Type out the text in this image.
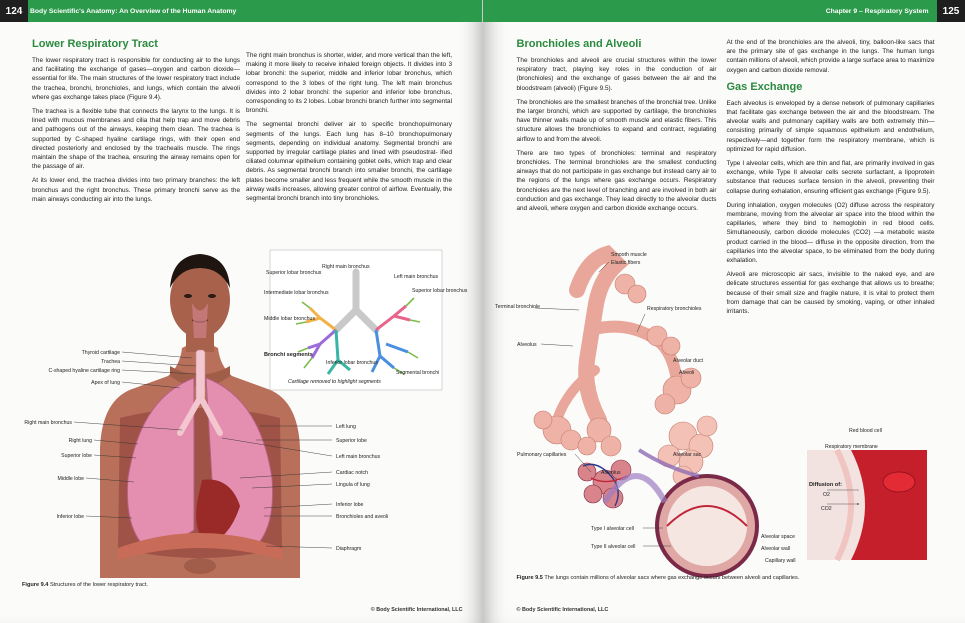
Body Scientific's Anatomy: An Overview of the Human Anatomy
124
Lower Respiratory Tract

The lower respiratory tract is responsible for conducting air to the lungs and facilitating the exchange of gases—oxygen and carbon dioxide—essential for life. The main structures of the lower respiratory tract include the trachea, bronchi, bronchioles, and lungs, which contain the alveoli where gas exchange takes place (Figure 9.4).

The trachea is a flexible tube that connects the larynx to the lungs. It is lined with mucous membranes and cilia that help trap and move debris and pathogens out of the airways, keeping them clean. The trachea is supported by C-shaped hyaline cartilage rings, with their open end directed posteriorly and enclosed by the trachealis muscle. The rings maintain the shape of the trachea, ensuring the airway remains open for the passage of air.

At its lower end, the trachea divides into two primary branches: the left bronchus and the right bronchus. These primary bronchi serve as the main airways conducting air into the lungs.

The right main bronchus is shorter, wider, and more vertical than the left, making it more likely to receive inhaled foreign objects. It divides into 3 lobar bronchi: the superior, middle and inferior lobar bronchus, which correspond to the 3 lobes of the right lung. The left main bronchus divides into 2 lobar bronchi: the superior and inferior lobe bronchus, corresponding to its 2 lobes. Lobar bronchi branch further into segmental bronchi.

The segmental bronchi deliver air to specific bronchopulmonary segments of the lungs. Each lung has 8–10 bronchopulmonary segments, depending on individual anatomy. Segmental bronchi are supported by irregular cartilage plates and lined with pseudostrat- ified ciliated columnar epithelium containing goblet cells, which trap and clear debris. As segmental bronchi branch into smaller bronchi, the cartilage plates become smaller and less frequent while the smooth muscle in the airway walls increases, allowing greater control of airflow. Eventually, the segmental bronchi branch into tiny bronchioles.

Superior lobar bronchus
Right main bronchus
Left main bronchus
Intermediate lobar bronchus
Middle lobar bronchus
Superior lobar bronchus
Bronchi segments
Inferior lobar bronchus
Segmental bronchi
Cartilage removed to highlight segments
Thyroid cartilage
Trachea
C-shaped hyaline cartilage ring
Apex of lung
Right main bronchus
Right lung
Superior lobe
Middle lobe
Inferior lobe
Left lung
Superior lobe
Left main bronchus
Cardiac notch
Lingula of lung
Inferior lobe
Bronchioles and aveoli
Diaphragm
Figure 9.4 Structures of the lower respiratory tract.
© Body Scientific International, LLC
Chapter 9 – Respiratory System	125
Bronchioles and Alveoli

The bronchioles and alveoli are crucial structures within the lower respiratory tract, playing key roles in the conduction of air (bronchioles) and the exchange of gases between the air and the bloodstream (alveoli) (Figure 9.5).

The bronchioles are the smallest branches of the bronchial tree. Unlike the larger bronchi, which are supported by cartilage, the bronchioles have thinner walls made up of smooth muscle and elastic fibers. This structure allows the bronchioles to expand and contract, regulating airflow to and from the alveoli.

There are two types of bronchioles: terminal and respiratory bronchioles. The terminal bronchioles are the smallest conducting airways that do not participate in gas exchange but instead carry air to the regions of the lungs where gas exchange occurs. Respiratory bronchioles are the next level of branching and are involved in both air conduction and gas exchange. They lead directly to the alveolar ducts and alveoli, where oxygen and carbon dioxide exchange occurs.

At the end of the bronchioles are the alveoli, tiny, balloon-like sacs that are the primary site of gas exchange in the lungs. The human lungs contain millions of alveoli, which provide a large surface area to maximize oxygen and carbon dioxide removal.

Gas Exchange

Each alveolus is enveloped by a dense network of pulmonary capillaries that facilitate gas exchange between the air and the bloodstream. The alveolar walls and pulmonary capillary walls are both extremely thin—consisting primarily of simple squamous epithelium and endothelium, respectively—and together form the respiratory membrane, which is optimized for rapid diffusion.

Type I alveolar cells, which are thin and flat, are primarily involved in gas exchange, while Type II alveolar cells secrete surfactant, a lipoprotein substance that reduces surface tension in the alveoli, preventing their collapse during exhalation, ensuring efficient gas exchange (Figure 9.5).

During inhalation, oxygen molecules (O2) diffuse across the respiratory membrane, moving from the alveolar air space into the blood within the capillaries, where they bind to hemoglobin in red blood cells. Simultaneously, carbon dioxide molecules (CO2) —a metabolic waste product carried in the blood— diffuse in the opposite direction, from the capillaries into the alveolar space, to be eliminated from the body during exhalation.

Alveoli are microscopic air sacs, invisible to the naked eye, and are delicate structures essential for gas exchange that allows us to breathe; because of their small size and fragile nature, it is vital to protect them from damage that can be caused by smoking, vaping, or other inhaled irritants.

Smooth muscle
Elastic fibers
Terminal bronchiole	Respiratory bronchioles
Alveolus
Alveolar duct
Alveoli
Pulmonary capillaries	Alveolar sac
Alveolus
Type I alveolar cell
Type II alveolar cell
Red blood cell
Respiratory membrane
Diffusion of:
O2
CO2
Alveolar space
Alveolar wall
Capillary wall
Figure 9.5 The lungs contain millions of alveolar sacs where gas exchange occurs between alveoli and capillaries.
© Body Scientific International, LLC
